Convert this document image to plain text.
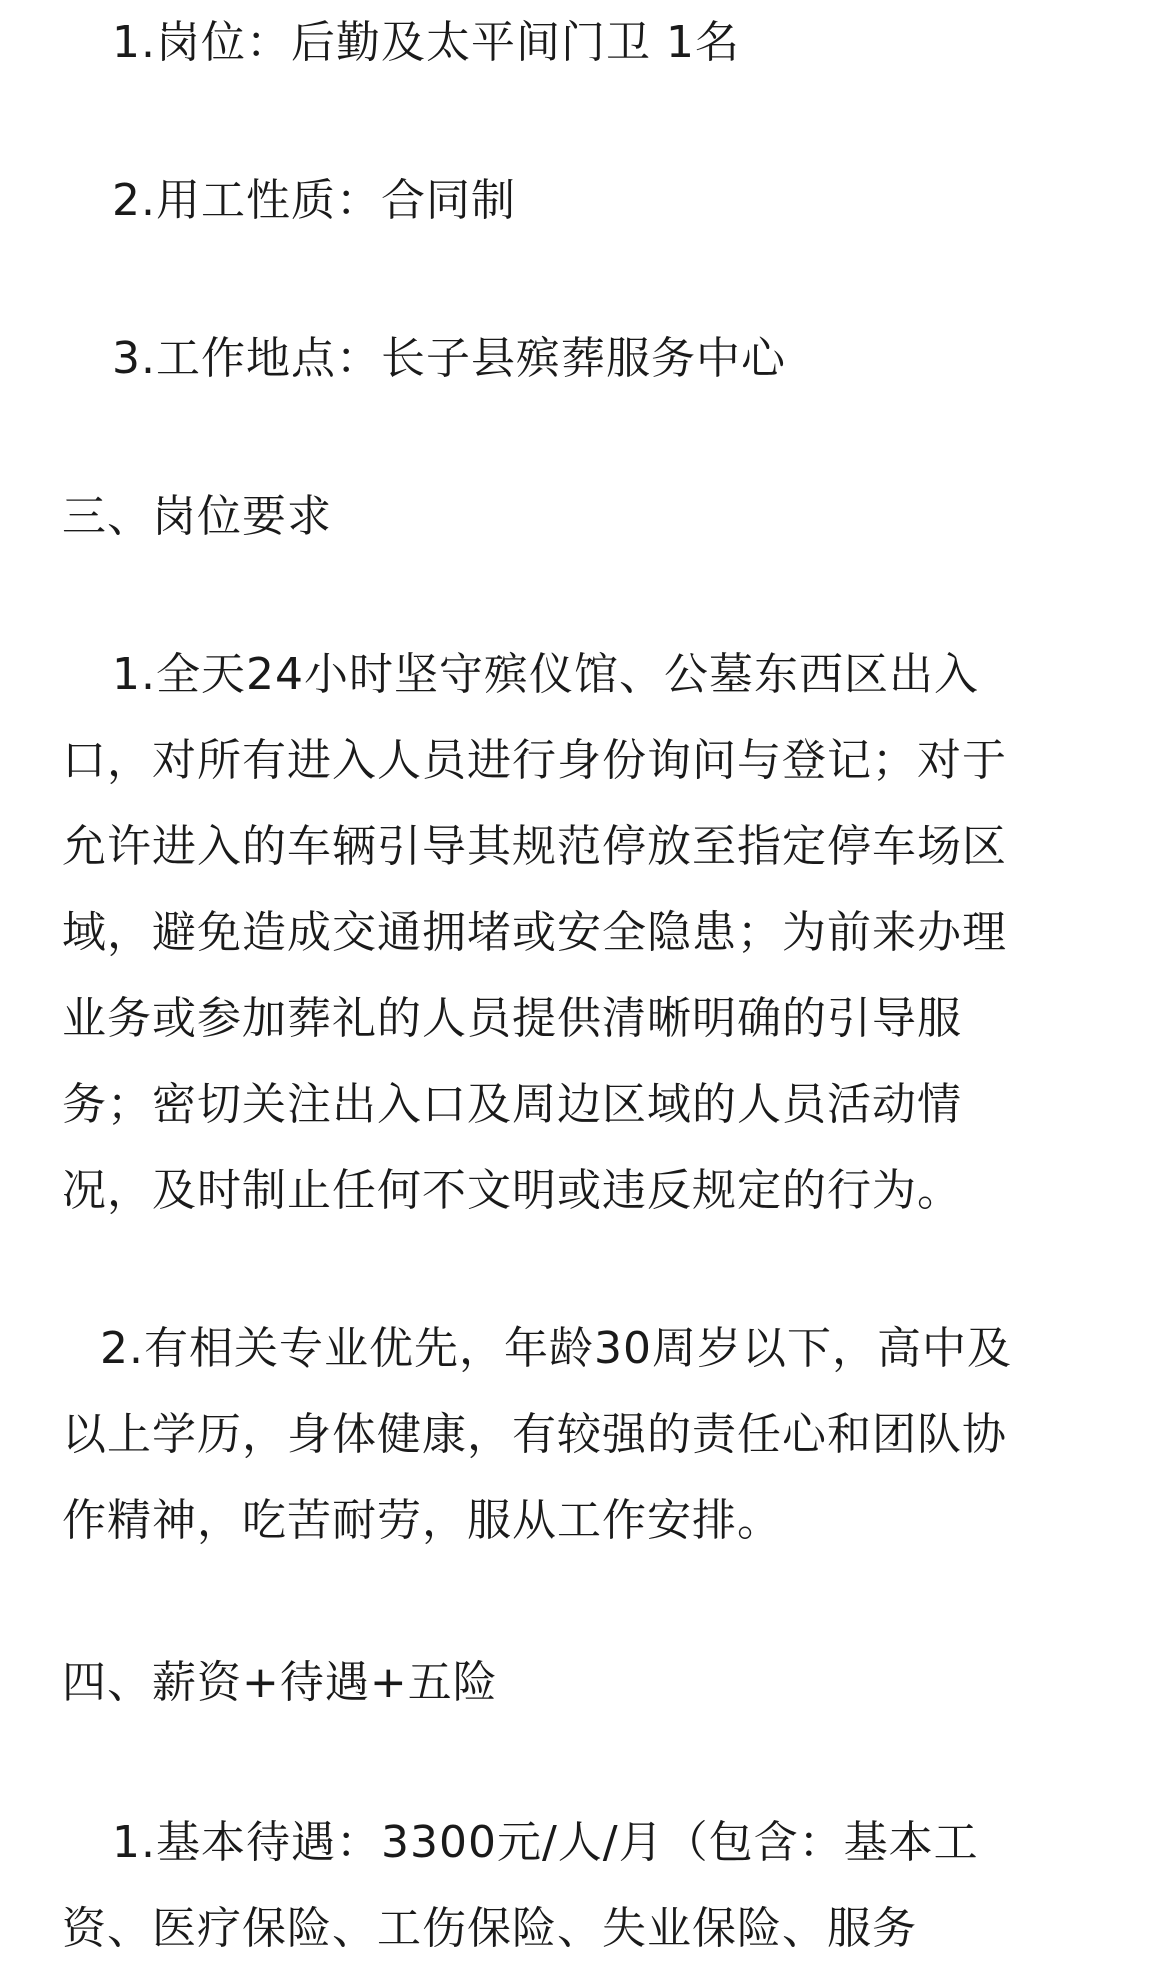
1.岗位：后勤及太平间门卫 1名
2.用工性质：合同制
3.工作地点：长子县殡葬服务中心
三、岗位要求
1.全天24小时坚守殡仪馆、公墓东西区出入
口，对所有进入人员进行身份询问与登记；对于
允许进入的车辆引导其规范停放至指定停车场区
域，避免造成交通拥堵或安全隐患；为前来办理
业务或参加葬礼的人员提供清晰明确的引导服
务；密切关注出入口及周边区域的人员活动情
况，及时制止任何不文明或违反规定的行为。
2.有相关专业优先，年龄30周岁以下，高中及
以上学历，身体健康，有较强的责任心和团队协
作精神，吃苦耐劳，服从工作安排。
四、薪资+待遇+五险
1.基本待遇：3300元/人/月（包含：基本工
资、医疗保险、工伤保险、失业保险、服务
